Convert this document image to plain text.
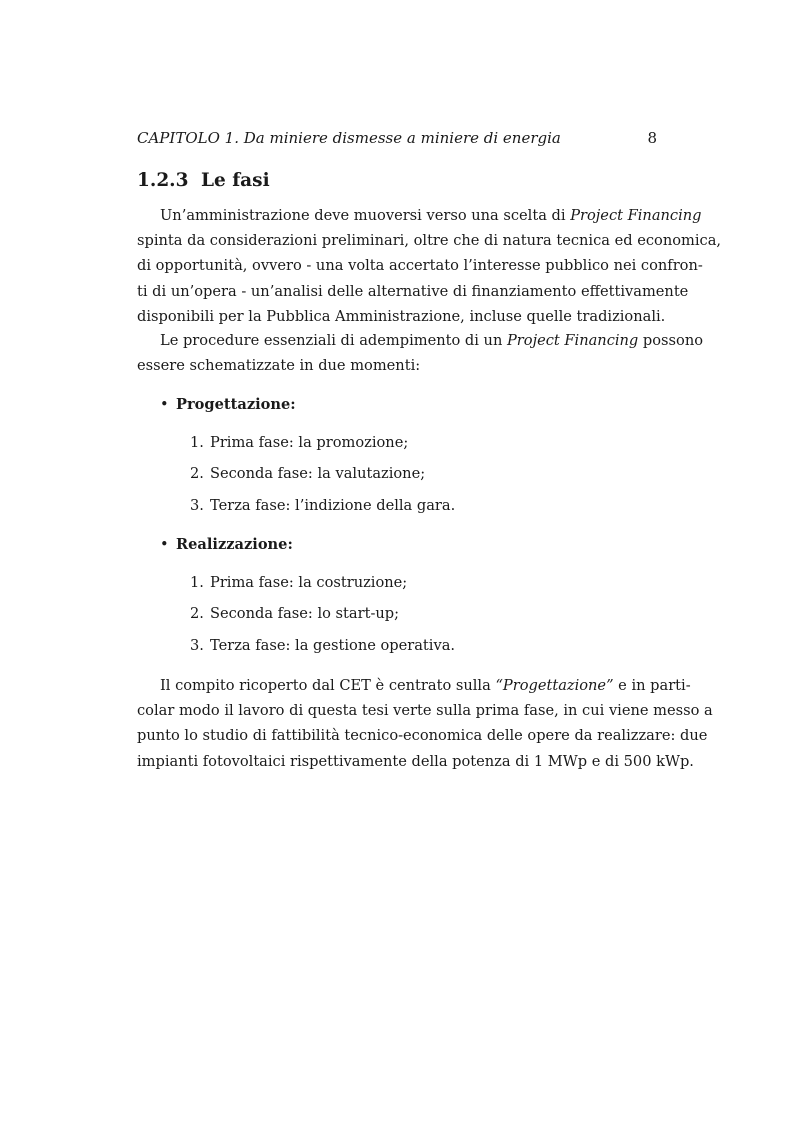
CAPITOLO 1. Da miniere dismesse a miniere di energia	8
1.2.3 Le fasi

Un’amministrazione deve muoversi verso una scelta di Project Financing
spinta da considerazioni preliminari, oltre che di natura tecnica ed economica,
di opportunità, ovvero - una volta accertato l’interesse pubblico nei confron-
ti di un’opera - un’analisi delle alternative di finanziamento effettivamente
disponibili per la Pubblica Amministrazione, incluse quelle tradizionali.

Le procedure essenziali di adempimento di un Project Financing possono
essere schematizzate in due momenti:

• Progettazione:
1. Prima fase: la promozione;
2. Seconda fase: la valutazione;
3. Terza fase: l’indizione della gara.
• Realizzazione:
1. Prima fase: la costruzione;
2. Seconda fase: lo start-up;
3. Terza fase: la gestione operativa.

Il compito ricoperto dal CET è centrato sulla “Progettazione” e in parti-
colar modo il lavoro di questa tesi verte sulla prima fase, in cui viene messo a
punto lo studio di fattibilità tecnico-economica delle opere da realizzare: due
impianti fotovoltaici rispettivamente della potenza di 1 MWp e di 500 kWp.
